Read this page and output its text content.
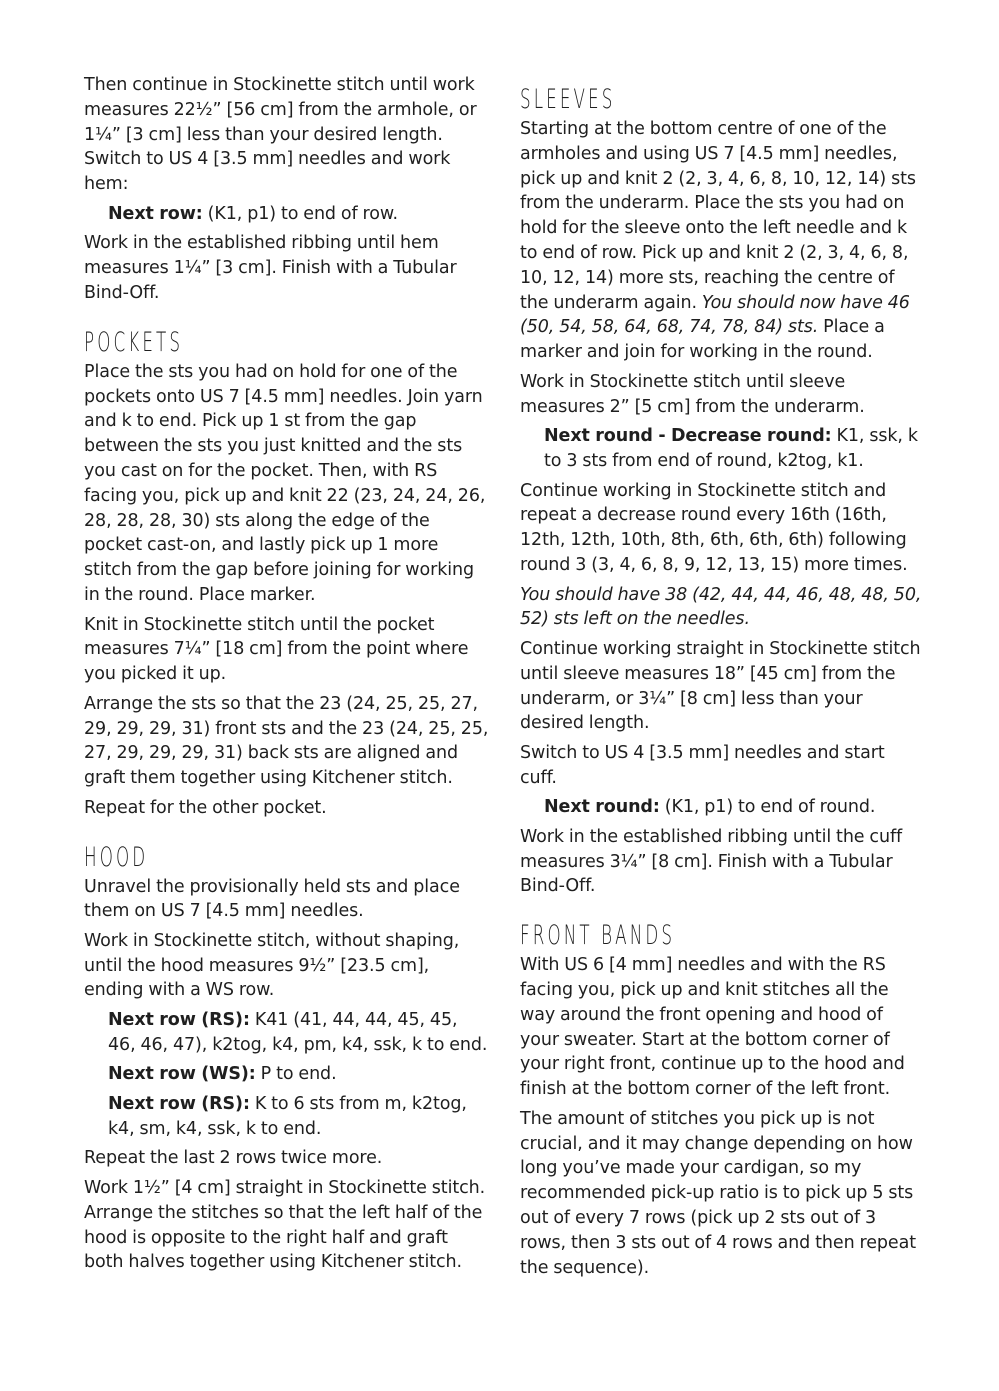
Then continue in Stockinette stitch until work measures 22½” [56 cm] from the armhole, or 1¼” [3 cm] less than your desired length. Switch to US 4 [3.5 mm] needles and work hem:

Next row: (K1, p1) to end of row.

Work in the established ribbing until hem measures 1¼” [3 cm]. Finish with a Tubular Bind-Off.

POCKETS

Place the sts you had on hold for one of the pockets onto US 7 [4.5 mm] needles. Join yarn and k to end. Pick up 1 st from the gap between the sts you just knitted and the sts you cast on for the pocket. Then, with RS facing you, pick up and knit 22 (23, 24, 24, 26, 28, 28, 28, 30) sts along the edge of the pocket cast-on, and lastly pick up 1 more stitch from the gap before joining for working in the round. Place marker.

Knit in Stockinette stitch until the pocket measures 7¼” [18 cm] from the point where you picked it up.

Arrange the sts so that the 23 (24, 25, 25, 27, 29, 29, 29, 31) front sts and the 23 (24, 25, 25, 27, 29, 29, 29, 31) back sts are aligned and graft them together using Kitchener stitch.

Repeat for the other pocket.

HOOD

Unravel the provisionally held sts and place them on US 7 [4.5 mm] needles.

Work in Stockinette stitch, without shaping, until the hood measures 9½” [23.5 cm], ending with a WS row.

Next row (RS): K41 (41, 44, 44, 45, 45, 46, 46, 47), k2tog, k4, pm, k4, ssk, k to end.

Next row (WS): P to end.

Next row (RS): K to 6 sts from m, k2tog, k4, sm, k4, ssk, k to end.

Repeat the last 2 rows twice more.

Work 1½” [4 cm] straight in Stockinette stitch. Arrange the stitches so that the left half of the hood is opposite to the right half and graft both halves together using Kitchener stitch.

SLEEVES

Starting at the bottom centre of one of the armholes and using US 7 [4.5 mm] needles, pick up and knit 2 (2, 3, 4, 6, 8, 10, 12, 14) sts from the underarm. Place the sts you had on hold for the sleeve onto the left needle and k to end of row. Pick up and knit 2 (2, 3, 4, 6, 8, 10, 12, 14) more sts, reaching the centre of the underarm again. You should now have 46 (50, 54, 58, 64, 68, 74, 78, 84) sts. Place a marker and join for working in the round.

Work in Stockinette stitch until sleeve measures 2” [5 cm] from the underarm.

Next round - Decrease round: K1, ssk, k to 3 sts from end of round, k2tog, k1.

Continue working in Stockinette stitch and repeat a decrease round every 16th (16th, 12th, 12th, 10th, 8th, 6th, 6th, 6th) following round 3 (3, 4, 6, 8, 9, 12, 13, 15) more times.

You should have 38 (42, 44, 44, 46, 48, 48, 50, 52) sts left on the needles.

Continue working straight in Stockinette stitch until sleeve measures 18” [45 cm] from the underarm, or 3¼” [8 cm] less than your desired length.

Switch to US 4 [3.5 mm] needles and start cuff.

Next round: (K1, p1) to end of round.

Work in the established ribbing until the cuff measures 3¼” [8 cm]. Finish with a Tubular Bind-Off.

FRONT BANDS

With US 6 [4 mm] needles and with the RS facing you, pick up and knit stitches all the way around the front opening and hood of your sweater. Start at the bottom corner of your right front, continue up to the hood and finish at the bottom corner of the left front.

The amount of stitches you pick up is not crucial, and it may change depending on how long you’ve made your cardigan, so my recommended pick-up ratio is to pick up 5 sts out of every 7 rows (pick up 2 sts out of 3 rows, then 3 sts out of 4 rows and then repeat the sequence).
